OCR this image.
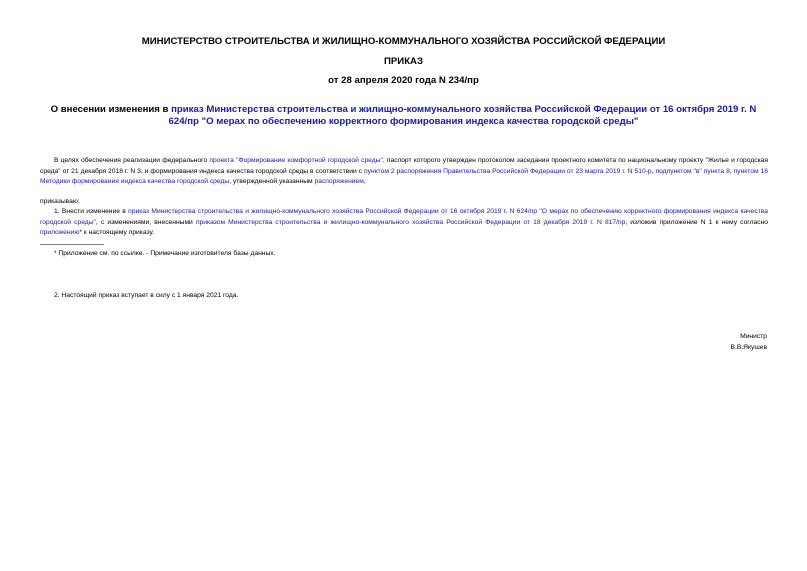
МИНИСТЕРСТВО СТРОИТЕЛЬСТВА И ЖИЛИЩНО-КОММУНАЛЬНОГО ХОЗЯЙСТВА РОССИЙСКОЙ ФЕДЕРАЦИИ
ПРИКАЗ
от 28 апреля 2020 года N 234/пр
О внесении изменения в приказ Министерства строительства и жилищно-коммунального хозяйства Российской Федерации от 16 октября 2019 г. N 624/пр "О мерах по обеспечению корректного формирования индекса качества городской среды"
В целях обеспечения реализации федерального проекта "Формирование комфортной городской среды", паспорт которого утвержден протоколом заседания проектного комитета по национальному проекту "Жилье и городская среда" от 21 декабря 2018 г. N 3, и формирования индекса качества городской среды в соответствии с пунктом 2 распоряжения Правительства Российской Федерации от 23 марта 2019 г. N 510-р, подпунктом "в" пункта 8, пунктом 16 Методики формирования индекса качества городской среды, утвержденной указанным распоряжением,
приказываю:
1. Внести изменение в приказ Министерства строительства и жилищно-коммунального хозяйства Российской Федерации от 16 октября 2019 г. N 624/пр "О мерах по обеспечению корректного формирования индекса качества городской среды", с изменениями, внесенными приказом Министерства строительства и жилищно-коммунального хозяйства Российской Федерации от 18 декабря 2019 г. N 817/пр, изложив приложение N 1 к нему согласно приложению* к настоящему приказу.
* Приложение см. по ссылке. - Примечание изготовителя базы данных.
2. Настоящий приказ вступает в силу с 1 января 2021 года.
Министр
В.В.Якушев
